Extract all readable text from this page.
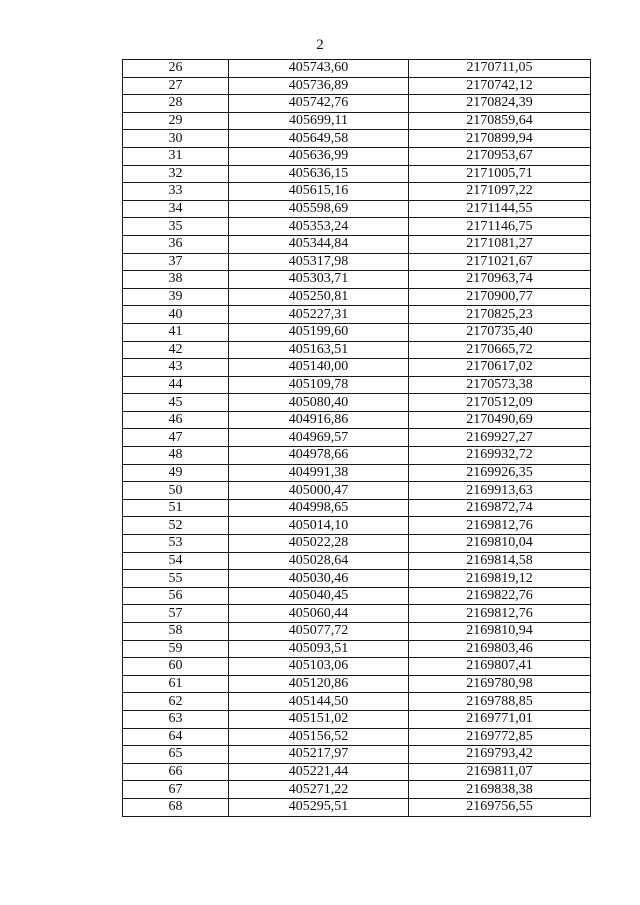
2
26	405743,60	2170711,05
27	405736,89	2170742,12
28	405742,76	2170824,39
29	405699,11	2170859,64
30	405649,58	2170899,94
31	405636,99	2170953,67
32	405636,15	2171005,71
33	405615,16	2171097,22
34	405598,69	2171144,55
35	405353,24	2171146,75
36	405344,84	2171081,27
37	405317,98	2171021,67
38	405303,71	2170963,74
39	405250,81	2170900,77
40	405227,31	2170825,23
41	405199,60	2170735,40
42	405163,51	2170665,72
43	405140,00	2170617,02
44	405109,78	2170573,38
45	405080,40	2170512,09
46	404916,86	2170490,69
47	404969,57	2169927,27
48	404978,66	2169932,72
49	404991,38	2169926,35
50	405000,47	2169913,63
51	404998,65	2169872,74
52	405014,10	2169812,76
53	405022,28	2169810,04
54	405028,64	2169814,58
55	405030,46	2169819,12
56	405040,45	2169822,76
57	405060,44	2169812,76
58	405077,72	2169810,94
59	405093,51	2169803,46
60	405103,06	2169807,41
61	405120,86	2169780,98
62	405144,50	2169788,85
63	405151,02	2169771,01
64	405156,52	2169772,85
65	405217,97	2169793,42
66	405221,44	2169811,07
67	405271,22	2169838,38
68	405295,51	2169756,55
